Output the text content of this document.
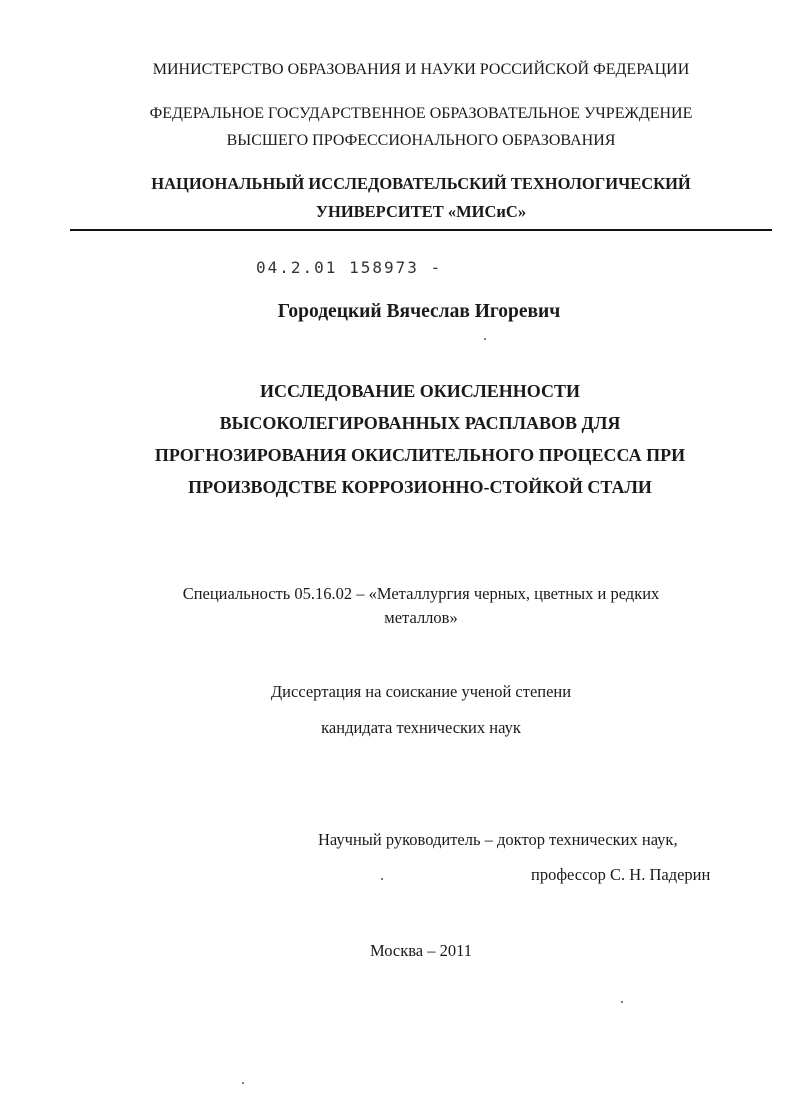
МИНИСТЕРСТВО ОБРАЗОВАНИЯ И НАУКИ РОССИЙСКОЙ ФЕДЕРАЦИИ
ФЕДЕРАЛЬНОЕ ГОСУДАРСТВЕННОЕ ОБРАЗОВАТЕЛЬНОЕ УЧРЕЖДЕНИЕ
ВЫСШЕГО ПРОФЕССИОНАЛЬНОГО ОБРАЗОВАНИЯ
НАЦИОНАЛЬНЫЙ ИССЛЕДОВАТЕЛЬСКИЙ ТЕХНОЛОГИЧЕСКИЙ
УНИВЕРСИТЕТ «МИСиС»
04.2.01 158973 -
Городецкий Вячеслав Игоревич
ИССЛЕДОВАНИЕ ОКИСЛЕННОСТИ
ВЫСОКОЛЕГИРОВАННЫХ РАСПЛАВОВ ДЛЯ
ПРОГНОЗИРОВАНИЯ ОКИСЛИТЕЛЬНОГО ПРОЦЕССА ПРИ
ПРОИЗВОДСТВЕ КОРРОЗИОННО-СТОЙКОЙ СТАЛИ
Специальность 05.16.02 – «Металлургия черных, цветных и редких
металлов»
Диссертация на соискание ученой степени
кандидата технических наук
Научный руководитель – доктор технических наук,
профессор С. Н. Падерин
Москва – 2011
